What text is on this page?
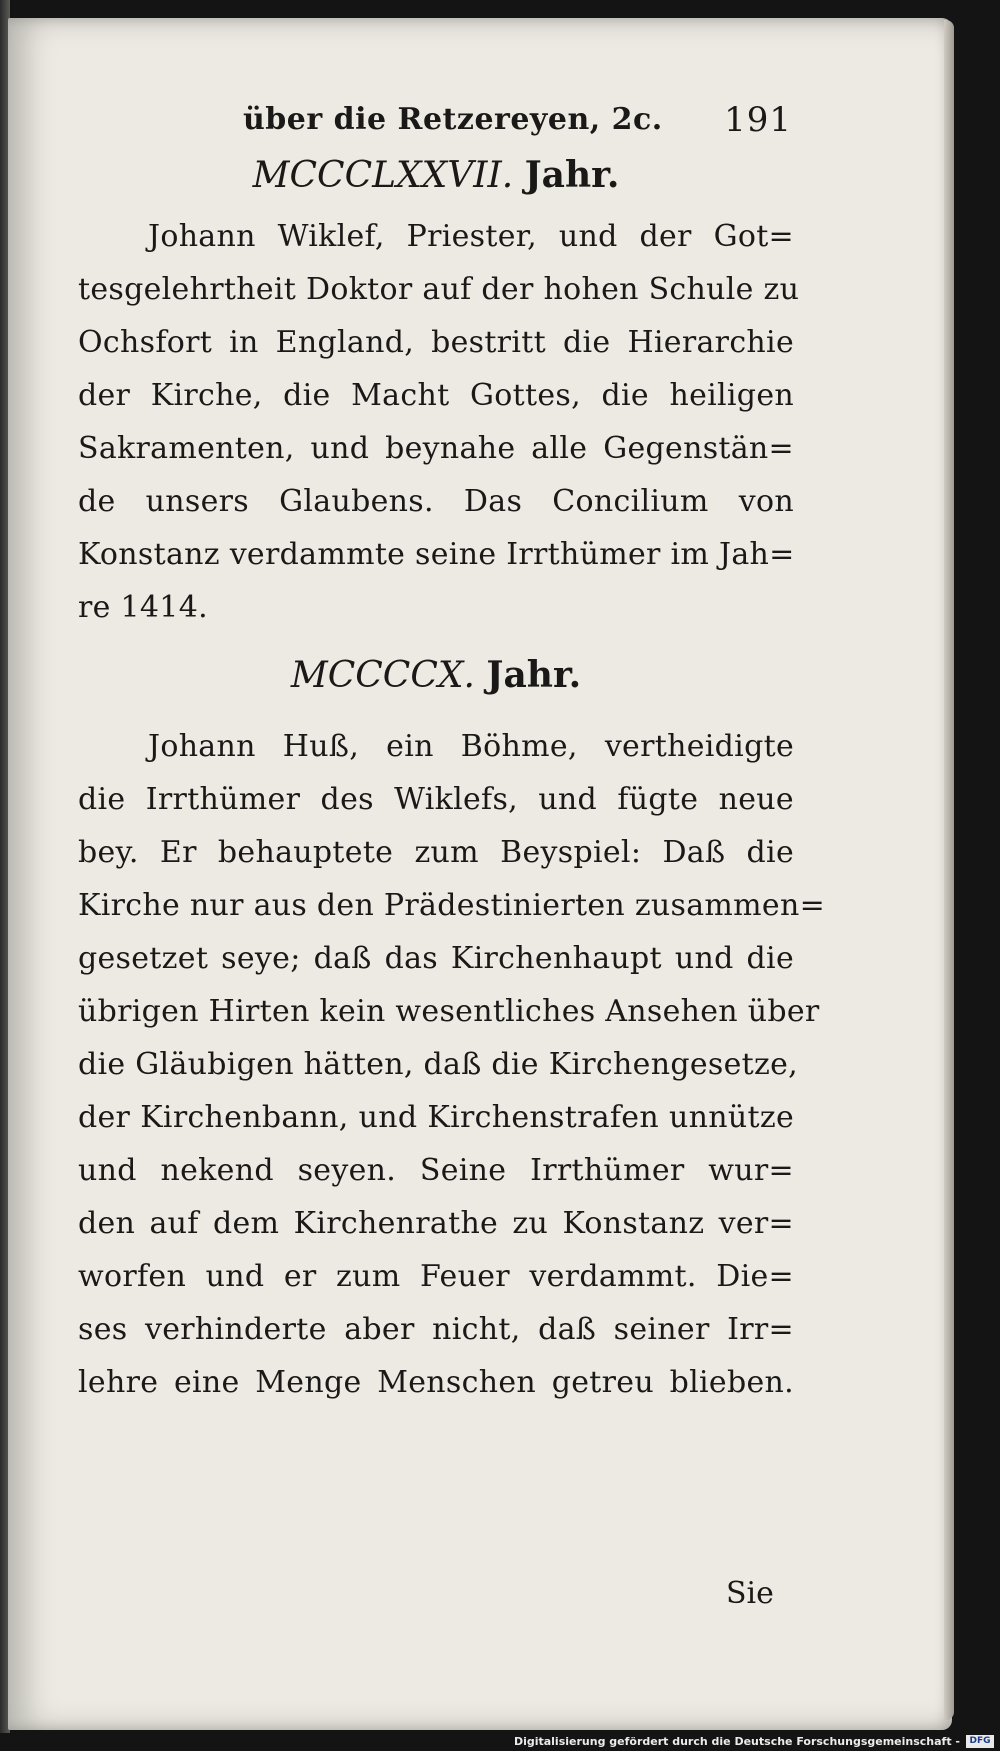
über die Retzereyen, 2c. 191
MCCCLXXVII. Jahr.
Johann Wiklef, Priester, und der Got=
tesgelehrtheit Doktor auf der hohen Schule zu
Ochsfort in England, bestritt die Hierarchie
der Kirche, die Macht Gottes, die heiligen
Sakramenten, und beynahe alle Gegenstän=
de unsers Glaubens. Das Concilium von
Konstanz verdammte seine Irrthümer im Jah=
re 1414.
MCCCCX. Jahr.
Johann Huß, ein Böhme, vertheidigte
die Irrthümer des Wiklefs, und fügte neue
bey. Er behauptete zum Beyspiel: Daß die
Kirche nur aus den Prädestinierten zusammen=
gesetzet seye; daß das Kirchenhaupt und die
übrigen Hirten kein wesentliches Ansehen über
die Gläubigen hätten, daß die Kirchengesetze,
der Kirchenbann, und Kirchenstrafen unnütze
und nekend seyen. Seine Irrthümer wur=
den auf dem Kirchenrathe zu Konstanz ver=
worfen und er zum Feuer verdammt. Die=
ses verhinderte aber nicht, daß seiner Irr=
lehre eine Menge Menschen getreu blieben.
Sie
Digitalisierung gefördert durch die Deutsche Forschungsgemeinschaft -	DFG
